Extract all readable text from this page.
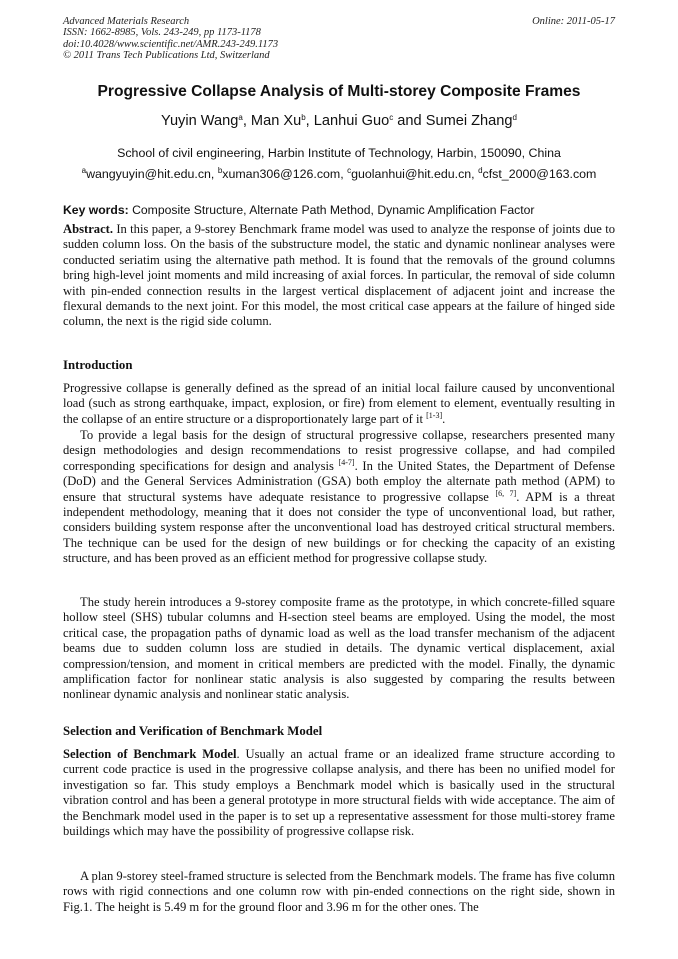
Advanced Materials Research
ISSN: 1662-8985, Vols. 243-249, pp 1173-1178
doi:10.4028/www.scientific.net/AMR.243-249.1173
© 2011 Trans Tech Publications Ltd, Switzerland
Online: 2011-05-17
Progressive Collapse Analysis of Multi-storey Composite Frames
Yuyin Wang$^a$, Man Xu$^b$, Lanhui Guo$^c$ and Sumei Zhang$^d$
School of civil engineering, Harbin Institute of Technology, Harbin, 150090, China
$^a$wangyuyin@hit.edu.cn, $^b$xuman306@126.com, $^c$guolanhui@hit.edu.cn, $^d$cfst_2000@163.com
Key words: Composite Structure, Alternate Path Method, Dynamic Amplification Factor
Abstract. In this paper, a 9-storey Benchmark frame model was used to analyze the response of joints due to sudden column loss. On the basis of the substructure model, the static and dynamic nonlinear analyses were conducted seriatim using the alternative path method. It is found that the removals of the ground columns bring high-level joint moments and mild increasing of axial forces. In particular, the removal of side column with pin-ended connection results in the largest vertical displacement of adjacent joint and increase the flexural demands to the next joint. For this model, the most critical case appears at the failure of hinged side column, the next is the rigid side column.
Introduction
Progressive collapse is generally defined as the spread of an initial local failure caused by unconventional load (such as strong earthquake, impact, explosion, or fire) from element to element, eventually resulting in the collapse of an entire structure or a disproportionately large part of it [1-3].
To provide a legal basis for the design of structural progressive collapse, researchers presented many design methodologies and design recommendations to resist progressive collapse, and had compiled corresponding specifications for design and analysis [4-7]. In the United States, the Department of Defense (DoD) and the General Services Administration (GSA) both employ the alternate path method (APM) to ensure that structural systems have adequate resistance to progressive collapse [6, 7]. APM is a threat independent methodology, meaning that it does not consider the type of unconventional load, but rather, considers building system response after the unconventional load has destroyed critical structural members. The technique can be used for the design of new buildings or for checking the capacity of an existing structure, and has been proved as an efficient method for progressive collapse study.
The study herein introduces a 9-storey composite frame as the prototype, in which concrete-filled square hollow steel (SHS) tubular columns and H-section steel beams are employed. Using the model, the most critical case, the propagation paths of dynamic load as well as the load transfer mechanism of the adjacent beams due to sudden column loss are studied in details. The dynamic vertical displacement, axial compression/tension, and moment in critical members are predicted with the model. Finally, the dynamic amplification factor for nonlinear static analysis is also suggested by comparing the results between nonlinear dynamic analysis and nonlinear static analysis.
Selection and Verification of Benchmark Model
Selection of Benchmark Model. Usually an actual frame or an idealized frame structure according to current code practice is used in the progressive collapse analysis, and there has been no unified model for investigation so far. This study employs a Benchmark model which is basically used in the structural vibration control and has been a general prototype in more structural fields with wide acceptance. The aim of the Benchmark model used in the paper is to set up a representative assessment for those multi-storey frame buildings which may have the possibility of progressive collapse risk.
A plan 9-storey steel-framed structure is selected from the Benchmark models. The frame has five column rows with rigid connections and one column row with pin-ended connections on the right side, shown in Fig.1. The height is 5.49 m for the ground floor and 3.96 m for the other ones. The
